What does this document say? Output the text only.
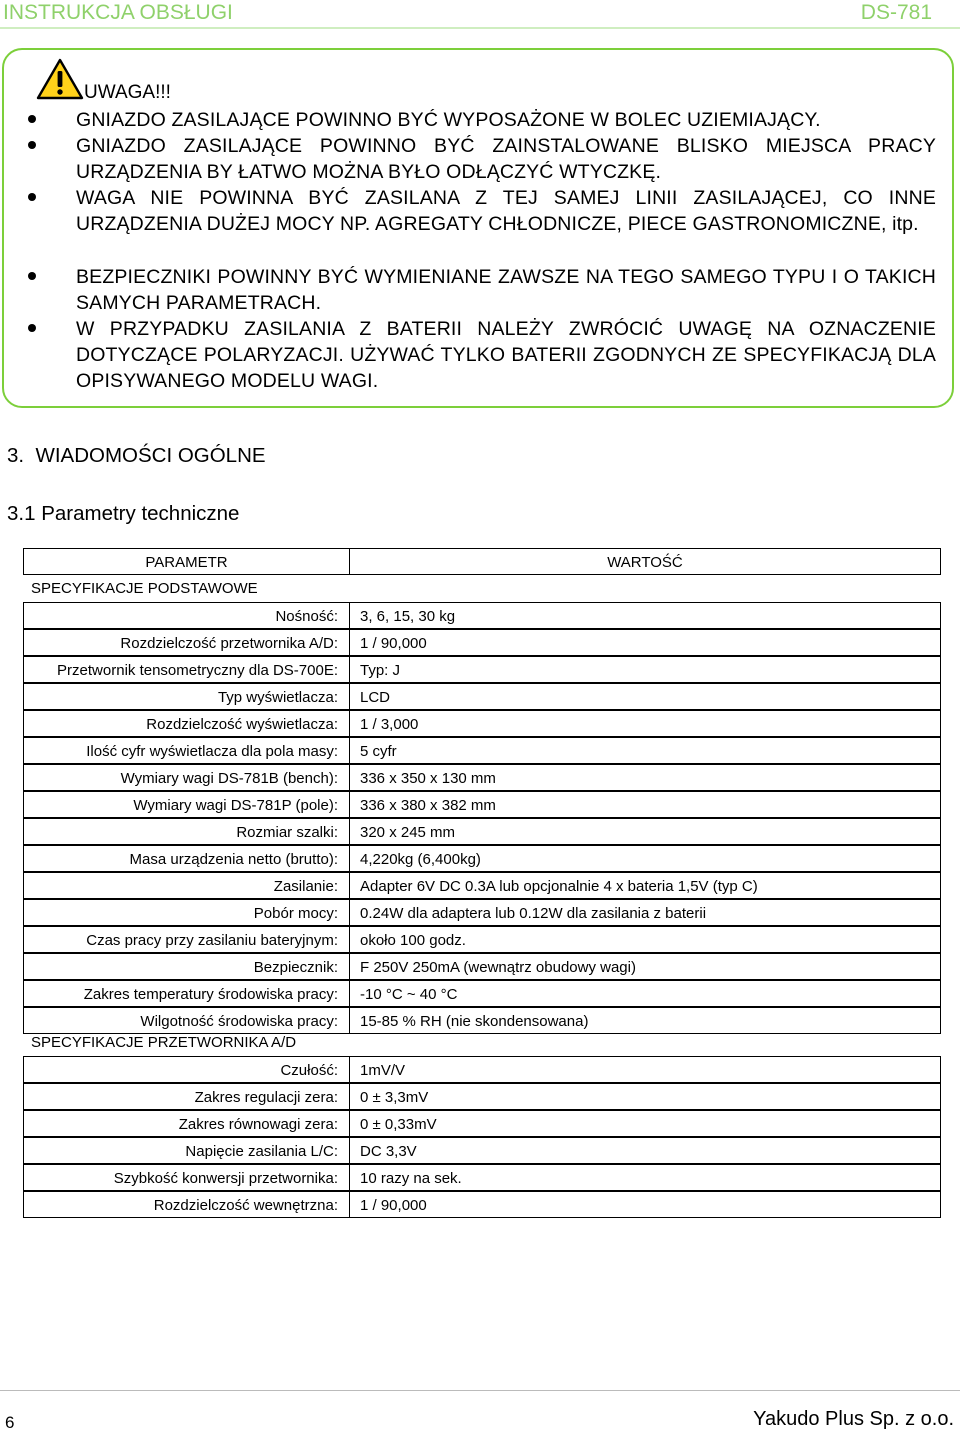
INSTRUKCJA OBSŁUGI	DS-781
UWAGA!!!
GNIAZDO ZASILAJĄCE POWINNO BYĆ WYPOSAŻONE W BOLEC UZIEMIAJĄCY.
GNIAZDO ZASILAJĄCE POWINNO BYĆ ZAINSTALOWANE BLISKO MIEJSCA PRACY URZĄDZENIA BY ŁATWO MOŻNA BYŁO ODŁĄCZYĆ WTYCZKĘ.
WAGA NIE POWINNA BYĆ ZASILANA Z TEJ SAMEJ LINII ZASILAJĄCEJ, CO INNE URZĄDZENIA DUŻEJ MOCY NP. AGREGATY CHŁODNICZE, PIECE GASTRONOMICZNE, itp.
BEZPIECZNIKI POWINNY BYĆ WYMIENIANE ZAWSZE NA TEGO SAMEGO TYPU I O TAKICH SAMYCH PARAMETRACH.
W PRZYPADKU ZASILANIA Z BATERII NALEŻY ZWRÓCIĆ UWAGĘ NA OZNACZENIE DOTYCZĄCE POLARYZACJI. UŻYWAĆ TYLKO BATERII ZGODNYCH ZE SPECYFIKACJĄ DLA OPISYWANEGO MODELU WAGI.
3.  WIADOMOŚCI OGÓLNE
3.1 Parametry techniczne
PARAMETR	WARTOŚĆ
SPECYFIKACJE PODSTAWOWE
Nośność:	3, 6, 15, 30 kg
Rozdzielczość przetwornika A/D:	1 / 90,000
Przetwornik tensometryczny dla DS-700E:	Typ: J
Typ wyświetlacza:	LCD
Rozdzielczość wyświetlacza:	1 / 3,000
Ilość cyfr wyświetlacza dla pola masy:	5 cyfr
Wymiary wagi DS-781B (bench):	336 x 350 x 130 mm
Wymiary wagi DS-781P (pole):	336 x 380 x 382 mm
Rozmiar szalki:	320 x 245 mm
Masa urządzenia netto (brutto):	4,220kg (6,400kg)
Zasilanie:	Adapter 6V DC 0.3A lub opcjonalnie 4 x bateria 1,5V (typ C)
Pobór mocy:	0.24W dla adaptera lub 0.12W dla zasilania z baterii
Czas pracy przy zasilaniu bateryjnym:	około 100 godz.
Bezpiecznik:	F 250V 250mA (wewnątrz obudowy wagi)
Zakres temperatury środowiska pracy:	-10 °C ~ 40 °C
Wilgotność środowiska pracy:	15-85 % RH (nie skondensowana)
SPECYFIKACJE PRZETWORNIKA A/D
Czułość:	1mV/V
Zakres regulacji zera:	0 ± 3,3mV
Zakres równowagi zera:	0 ± 0,33mV
Napięcie zasilania L/C:	DC 3,3V
Szybkość konwersji przetwornika:	10 razy na sek.
Rozdzielczość wewnętrzna:	1 / 90,000
6	Yakudo Plus Sp. z o.o.
